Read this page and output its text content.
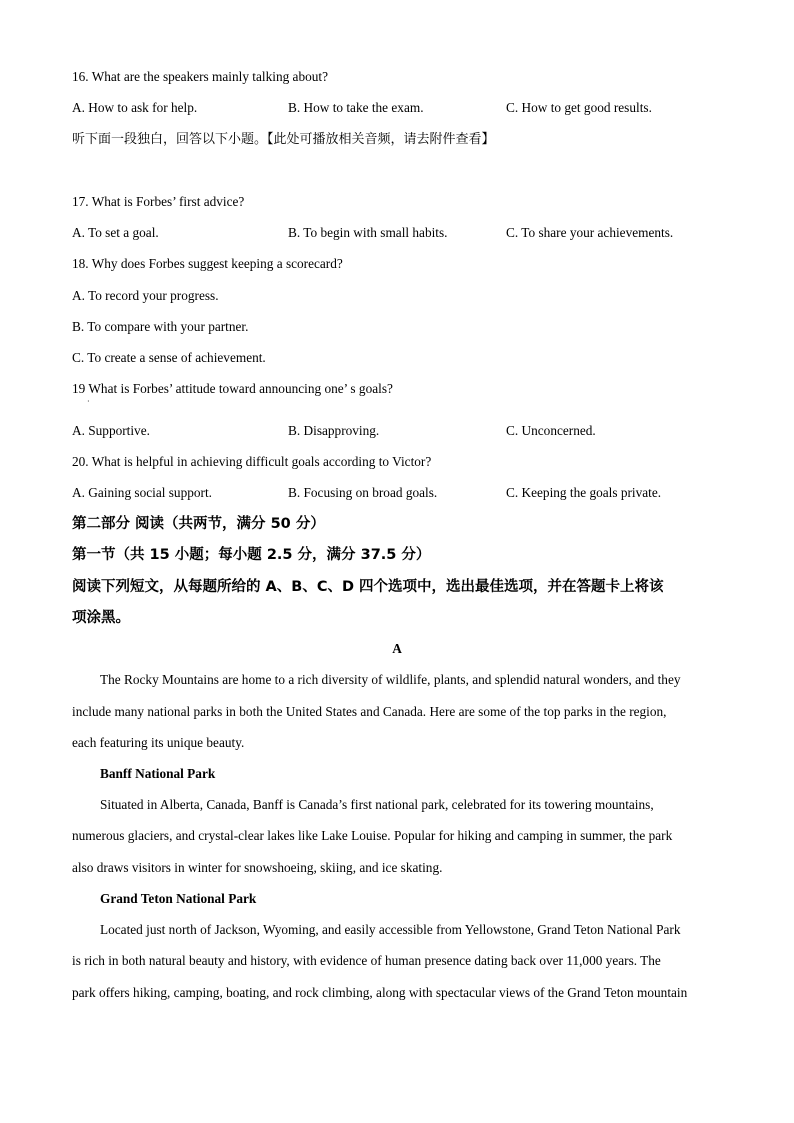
16. What are the speakers mainly talking about?
A. How to ask for help.	B. How to take the exam.	C. How to get good results.
听下面一段独白，回答以下小题。【此处可播放相关音频，请去附件查看】
17. What is Forbes’ first advice?
A. To set a goal.	B. To begin with small habits.	C. To share your achievements.
18. Why does Forbes suggest keeping a scorecard?
A. To record your progress.
B. To compare with your partner.
C. To create a sense of achievement.
19 What is Forbes’ attitude toward announcing one’ s goals?
·
A. Supportive.	B. Disapproving.	C. Unconcerned.
20. What is helpful in achieving difficult goals according to Victor?
A. Gaining social support.	B. Focusing on broad goals.	C. Keeping the goals private.
第二部分 阅读（共两节，满分 50 分）
第一节（共 15 小题；每小题 2.5 分，满分 37.5 分）
阅读下列短文，从每题所给的 A、B、C、D 四个选项中，选出最佳选项，并在答题卡上将该
项涂黑。
A
The Rocky Mountains are home to a rich diversity of wildlife, plants, and splendid natural wonders, and they
include many national parks in both the United States and Canada. Here are some of the top parks in the region,
each featuring its unique beauty.
Banff National Park
Situated in Alberta, Canada, Banff is Canada’s first national park, celebrated for its towering mountains,
numerous glaciers, and crystal-clear lakes like Lake Louise. Popular for hiking and camping in summer, the park
also draws visitors in winter for snowshoeing, skiing, and ice skating.
Grand Teton National Park
Located just north of Jackson, Wyoming, and easily accessible from Yellowstone, Grand Teton National Park
is rich in both natural beauty and history, with evidence of human presence dating back over 11,000 years. The
park offers hiking, camping, boating, and rock climbing, along with spectacular views of the Grand Teton mountain
